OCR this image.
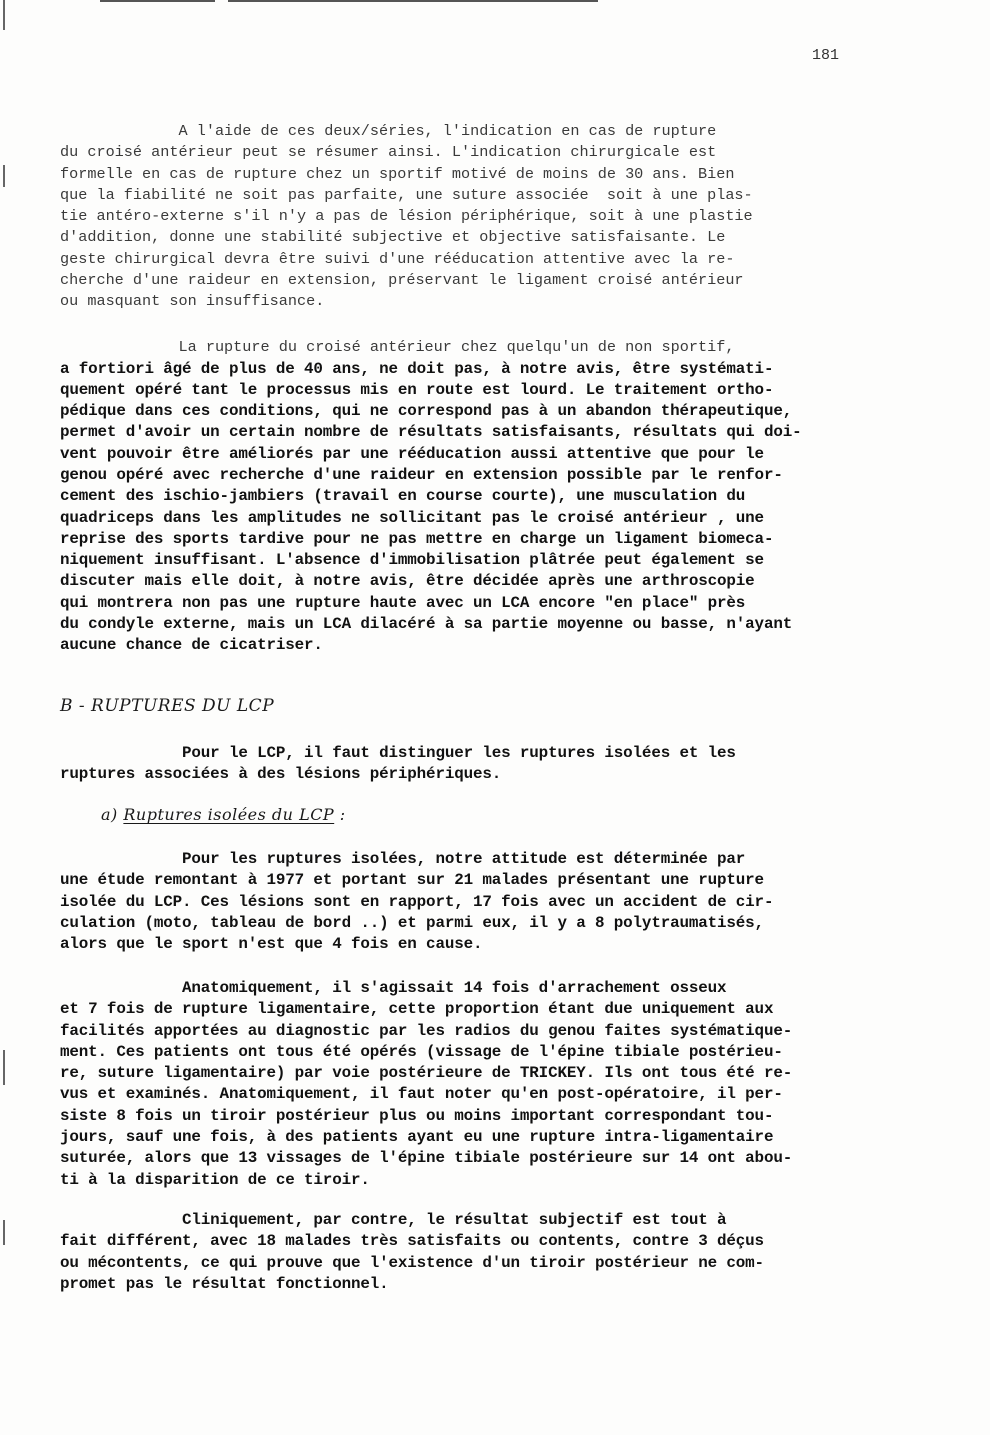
181
A l'aide de ces deux/séries, l'indication en cas de rupture
du croisé antérieur peut se résumer ainsi. L'indication chirurgicale est
formelle en cas de rupture chez un sportif motivé de moins de 30 ans. Bien
que la fiabilité ne soit pas parfaite, une suture associée  soit à une plas-
tie antéro-externe s'il n'y a pas de lésion périphérique, soit à une plastie
d'addition, donne une stabilité subjective et objective satisfaisante. Le
geste chirurgical devra être suivi d'une rééducation attentive avec la re-
cherche d'une raideur en extension, préservant le ligament croisé antérieur
ou masquant son insuffisance.
La rupture du croisé antérieur chez quelqu'un de non sportif,
a fortiori âgé de plus de 40 ans, ne doit pas, à notre avis, être systémati-
quement opéré tant le processus mis en route est lourd. Le traitement ortho-
pédique dans ces conditions, qui ne correspond pas à un abandon thérapeutique,
permet d'avoir un certain nombre de résultats satisfaisants, résultats qui doi-
vent pouvoir être améliorés par une rééducation aussi attentive que pour le
genou opéré avec recherche d'une raideur en extension possible par le renfor-
cement des ischio-jambiers (travail en course courte), une musculation du
quadriceps dans les amplitudes ne sollicitant pas le croisé antérieur , une
reprise des sports tardive pour ne pas mettre en charge un ligament biomeca-
niquement insuffisant. L'absence d'immobilisation plâtrée peut également se
discuter mais elle doit, à notre avis, être décidée après une arthroscopie
qui montrera non pas une rupture haute avec un LCA encore "en place" près
du condyle externe, mais un LCA dilacéré à sa partie moyenne ou basse, n'ayant
aucune chance de cicatriser.
B - RUPTURES DU LCP
Pour le LCP, il faut distinguer les ruptures isolées et les
ruptures associées à des lésions périphériques.
a) Ruptures isolées du LCP :
Pour les ruptures isolées, notre attitude est déterminée par
une étude remontant à 1977 et portant sur 21 malades présentant une rupture
isolée du LCP. Ces lésions sont en rapport, 17 fois avec un accident de cir-
culation (moto, tableau de bord ..) et parmi eux, il y a 8 polytraumatisés,
alors que le sport n'est que 4 fois en cause.
Anatomiquement, il s'agissait 14 fois d'arrachement osseux
et 7 fois de rupture ligamentaire, cette proportion étant due uniquement aux
facilités apportées au diagnostic par les radios du genou faites systématique-
ment. Ces patients ont tous été opérés (vissage de l'épine tibiale postérieu-
re, suture ligamentaire) par voie postérieure de TRICKEY. Ils ont tous été re-
vus et examinés. Anatomiquement, il faut noter qu'en post-opératoire, il per-
siste 8 fois un tiroir postérieur plus ou moins important correspondant tou-
jours, sauf une fois, à des patients ayant eu une rupture intra-ligamentaire
suturée, alors que 13 vissages de l'épine tibiale postérieure sur 14 ont abou-
ti à la disparition de ce tiroir.
Cliniquement, par contre, le résultat subjectif est tout à
fait différent, avec 18 malades très satisfaits ou contents, contre 3 déçus
ou mécontents, ce qui prouve que l'existence d'un tiroir postérieur ne com-
promet pas le résultat fonctionnel.
